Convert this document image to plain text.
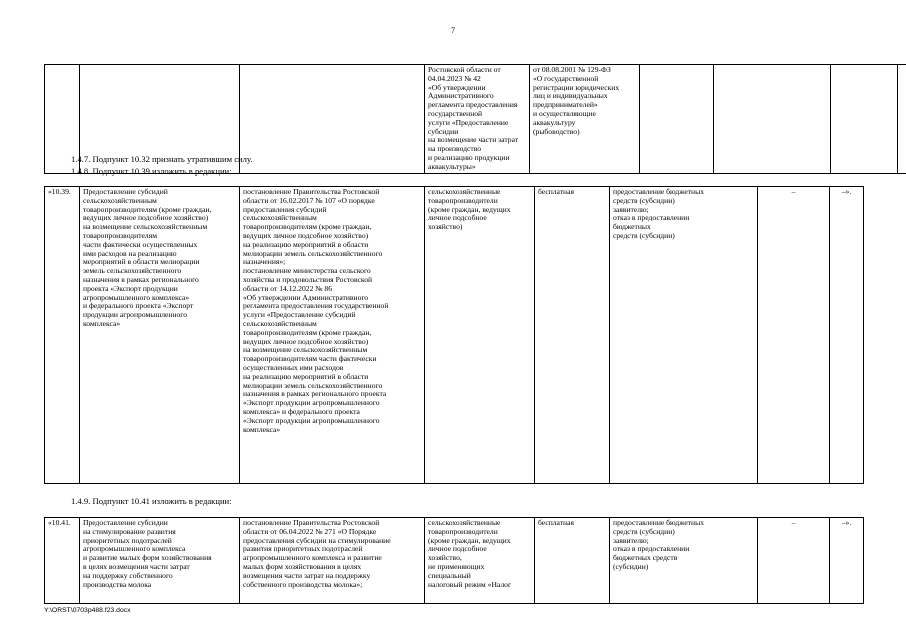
7
			Ростовской области от 04.04.2023 № 42
«Об утверждении Административного
регламента предоставления государственной
услуги «Предоставление субсидии
на возмещение части затрат на производство
и реализацию продукции аквакультуры»	от 08.08.2001 № 129-ФЗ
«О государственной
регистрации юридических
лиц и индивидуальных
предпринимателей»
и осуществляющие
аквакультуру
(рыбоводство)				
1.4.7. Подпункт 10.32 признать утратившим силу.
1.4.8. Подпункт 10.39 изложить в редакции:
«10.39.	Предоставление субсидий
сельскохозяйственным
товаропроизводителям (кроме граждан,
ведущих личное подсобное хозяйство)
на возмещение сельскохозяйственным
товаропроизводителям
части фактически осуществленных
ими расходов на реализацию
мероприятий в области мелиорации
земель сельскохозяйственного
назначения в рамках регионального
проекта «Экспорт продукции
агропромышленного комплекса»
и федерального проекта «Экспорт
продукции агропромышленного
комплекса»	постановление Правительства Ростовской
области от 16.02.2017 № 107 «О порядке
предоставления субсидий
сельскохозяйственным
товаропроизводителям (кроме граждан,
ведущих личное подсобное хозяйство)
на реализацию мероприятий в области
мелиорации земель сельскохозяйственного
назначения»;
постановление министерства сельского
хозяйства и продовольствия Ростовской
области от 14.12.2022 № 86
«Об утверждении Административного
регламента предоставления государственной
услуги «Предоставление субсидий
сельскохозяйственным
товаропроизводителям (кроме граждан,
ведущих личное подсобное хозяйство)
на возмещение сельскохозяйственным
товаропроизводителям части фактически
осуществленных ими расходов
на реализацию мероприятий в области
мелиорации земель сельскохозяйственного
назначения в рамках регионального проекта
«Экспорт продукции агропромышленного
комплекса» и федерального проекта
«Экспорт продукции агропромышленного
комплекса»	сельскохозяйственные
товаропроизводители
(кроме граждан, ведущих
личное подсобное
хозяйство)	бесплатная	предоставление бюджетных
средств (субсидии)
заявителю;
отказ в предоставлении
бюджетных
средств (субсидии)	–	–».
1.4.9. Подпункт 10.41 изложить в редакции:
«10.41.	Предоставление субсидии
на стимулирование развития
приоритетных подотраслей
агропромышленного комплекса
и развитие малых форм хозяйствования
в целях возмещения части затрат
на поддержку собственного
производства молока	постановление Правительства Ростовской
области от 06.04.2022 № 271 «О Порядке
предоставления субсидии на стимулирование
развития приоритетных подотраслей
агропромышленного комплекса и развитие
малых форм хозяйствования в целях
возмещения части затрат на поддержку
собственного производства молока»;	сельскохозяйственные
товаропроизводители
(кроме граждан, ведущих
личное подсобное
хозяйство,
не применяющих
специальный
налоговый режим «Налог	бесплатная	предоставление бюджетных
средств (субсидии)
заявителю;
отказ в предоставлении
бюджетных средств
(субсидии)	–	–».
Y:\ORST\0703p488.f23.docx
